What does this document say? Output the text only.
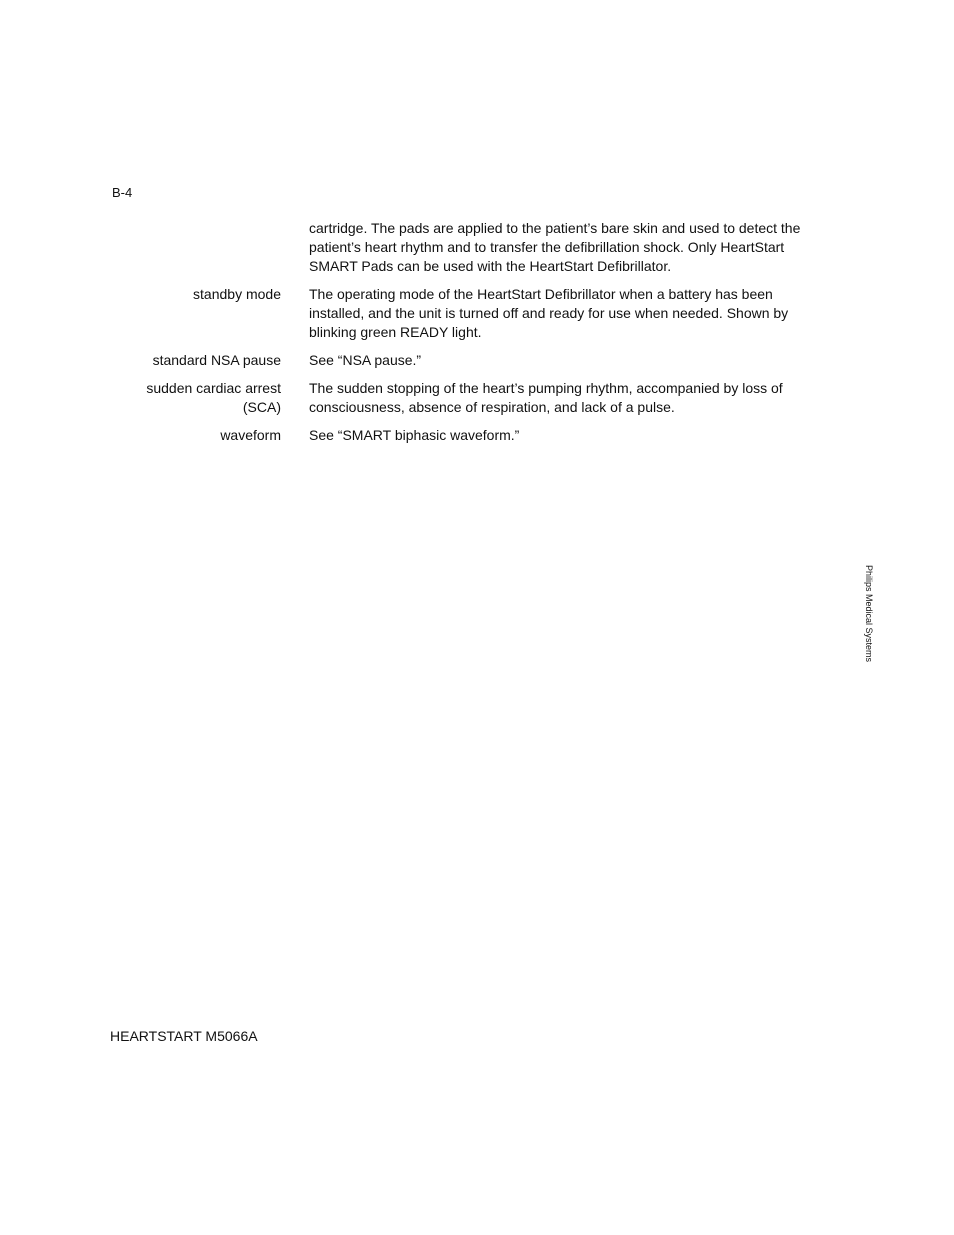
B-4
cartridge. The pads are applied to the patient’s bare skin and used to detect the patient’s heart rhythm and to transfer the defibrillation shock. Only HeartStart SMART Pads can be used with the HeartStart Defibrillator.
standby mode The operating mode of the HeartStart Defibrillator when a battery has been installed, and the unit is turned off and ready for use when needed. Shown by blinking green READY light.
standard NSA pause See “NSA pause.”
sudden cardiac arrest (SCA)
The sudden stopping of the heart’s pumping rhythm, accompanied by loss of consciousness, absence of respiration, and lack of a pulse.
waveform See “SMART biphasic waveform.”
Philips Medical Systems
HEARTSTART M5066A
